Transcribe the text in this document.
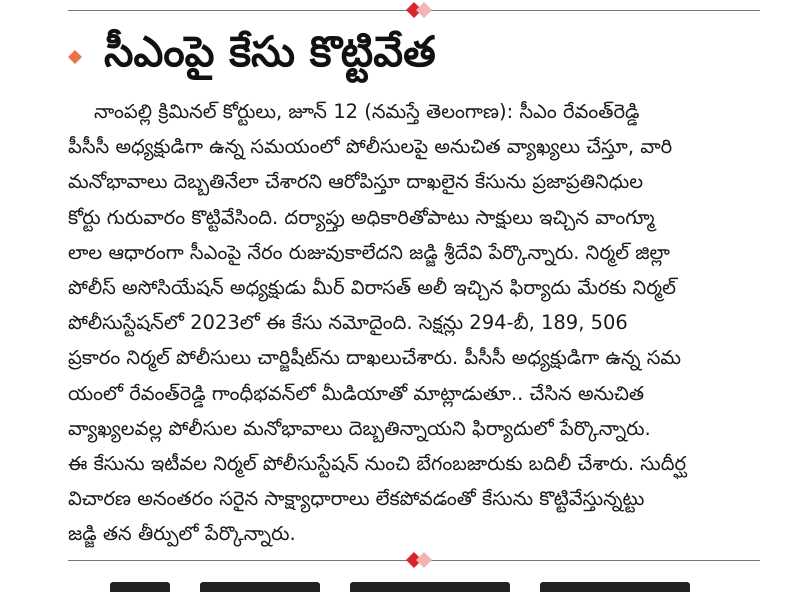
సీఎంపై కేసు కొట్టివేత
నాంపల్లి క్రిమినల్ కోర్టులు, జూన్ 12 (నమస్తే తెలంగాణ): సీఎం రేవంత్‌రెడ్డి
పీసీసీ అధ్యక్షుడిగా ఉన్న సమయంలో పోలీసులపై అనుచిత వ్యాఖ్యలు చేస్తూ, వారి
మనోభావాలు దెబ్బతినేలా చేశారని ఆరోపిస్తూ దాఖలైన కేసును ప్రజాప్రతినిధుల
కోర్టు గురువారం కొట్టివేసింది. దర్యాప్తు అధికారితోపాటు సాక్షులు ఇచ్చిన వాంగ్మూ
లాల ఆధారంగా సీఎంపై నేరం రుజువుకాలేదని జడ్జి శ్రీదేవి పేర్కొన్నారు. నిర్మల్ జిల్లా
పోలీస్ అసోసియేషన్ అధ్యక్షుడు మీర్ విరాసత్ అలీ ఇచ్చిన ఫిర్యాదు మేరకు నిర్మల్
పోలీసుస్టేషన్‌లో 2023లో ఈ కేసు నమోదైంది. సెక్షన్లు 294-బీ, 189, 506
ప్రకారం నిర్మల్ పోలీసులు చార్జిషీట్‌ను దాఖలుచేశారు. పీసీసీ అధ్యక్షుడిగా ఉన్న సమ
యంలో రేవంత్‌రెడ్డి గాంధీభవన్‌లో మీడియాతో మాట్లాడుతూ.. చేసిన అనుచిత
వ్యాఖ్యలవల్ల పోలీసుల మనోభావాలు దెబ్బతిన్నాయని ఫిర్యాదులో పేర్కొన్నారు.
ఈ కేసును ఇటీవల నిర్మల్ పోలీసుస్టేషన్ నుంచి బేగంబజారుకు బదిలీ చేశారు. సుదీర్ఘ
విచారణ అనంతరం సరైన సాక్ష్యాధారాలు లేకపోవడంతో కేసును కొట్టివేస్తున్నట్టు
జడ్జి తన తీర్పులో పేర్కొన్నారు.
